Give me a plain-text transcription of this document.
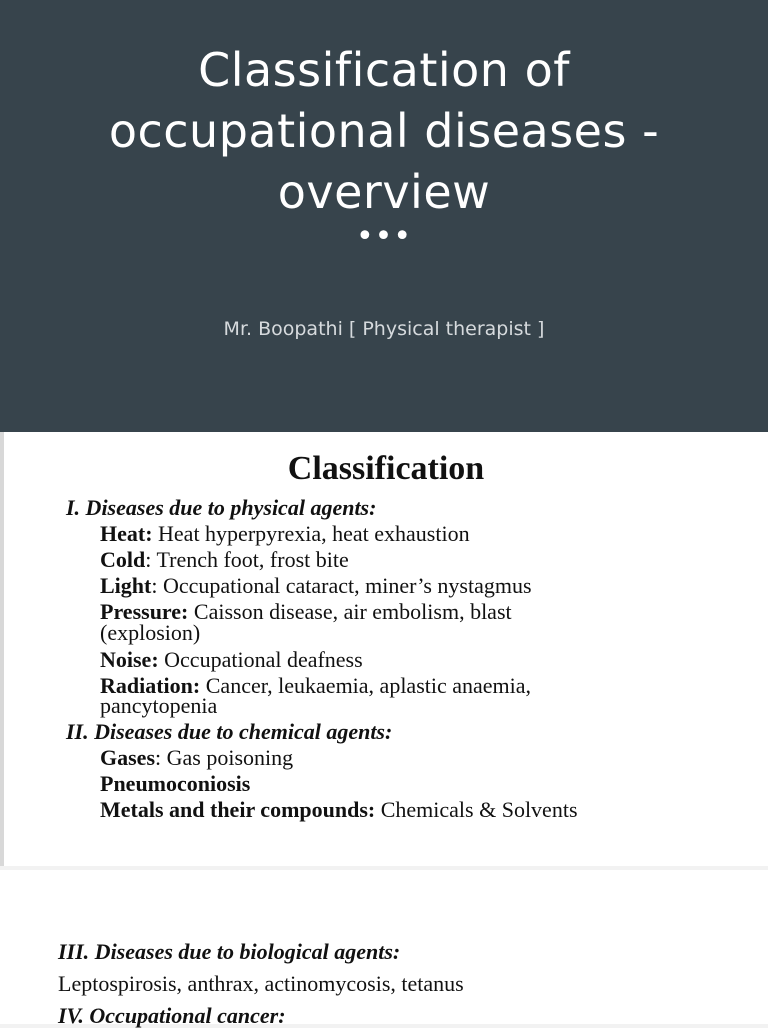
Classification of
occupational diseases -
overview
•••
Mr. Boopathi [ Physical therapist ]
Classification
I. Diseases due to physical agents:
Heat: Heat hyperpyrexia, heat exhaustion
Cold: Trench foot, frost bite
Light: Occupational cataract, miner’s nystagmus
Pressure: Caisson disease, air embolism, blast
(explosion)
Noise: Occupational deafness
Radiation: Cancer, leukaemia, aplastic anaemia,
pancytopenia
II. Diseases due to chemical agents:
Gases: Gas poisoning
Pneumoconiosis
Metals and their compounds: Chemicals & Solvents
III. Diseases due to biological agents:
Leptospirosis, anthrax, actinomycosis, tetanus
IV. Occupational cancer:
